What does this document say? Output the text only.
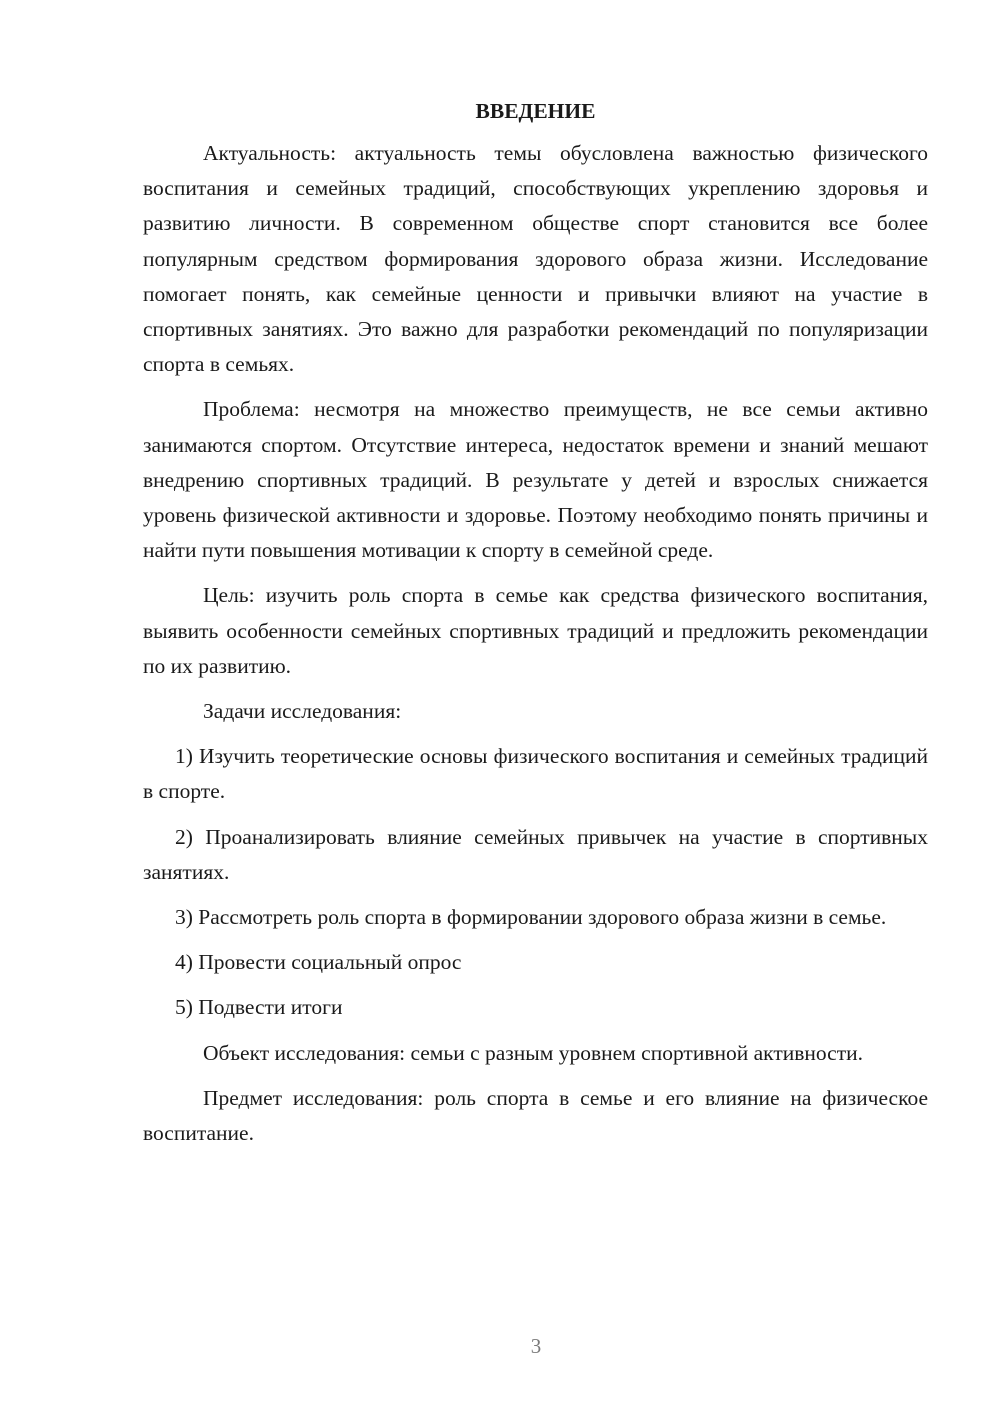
ВВЕДЕНИЕ

Актуальность: актуальность темы обусловлена важностью физического воспитания и семейных традиций, способствующих укреплению здоровья и развитию личности. В современном обществе спорт становится все более популярным средством формирования здорового образа жизни. Исследование помогает понять, как семейные ценности и привычки влияют на участие в спортивных занятиях. Это важно для разработки рекомендаций по популяризации спорта в семьях.

Проблема: несмотря на множество преимуществ, не все семьи активно занимаются спортом. Отсутствие интереса, недостаток времени и знаний мешают внедрению спортивных традиций. В результате у детей и взрослых снижается уровень физической активности и здоровье. Поэтому необходимо понять причины и найти пути повышения мотивации к спорту в семейной среде.

Цель: изучить роль спорта в семье как средства физического воспитания, выявить особенности семейных спортивных традиций и предложить рекомендации по их развитию.

Задачи исследования:

1) Изучить теоретические основы физического воспитания и семейных традиций в спорте.

2) Проанализировать влияние семейных привычек на участие в спортивных занятиях.

3) Рассмотреть роль спорта в формировании здорового образа жизни в семье.

4) Провести социальный опрос

5) Подвести итоги

Объект исследования: семьи с разным уровнем спортивной активности.

Предмет исследования: роль спорта в семье и его влияние на физическое воспитание.

3
